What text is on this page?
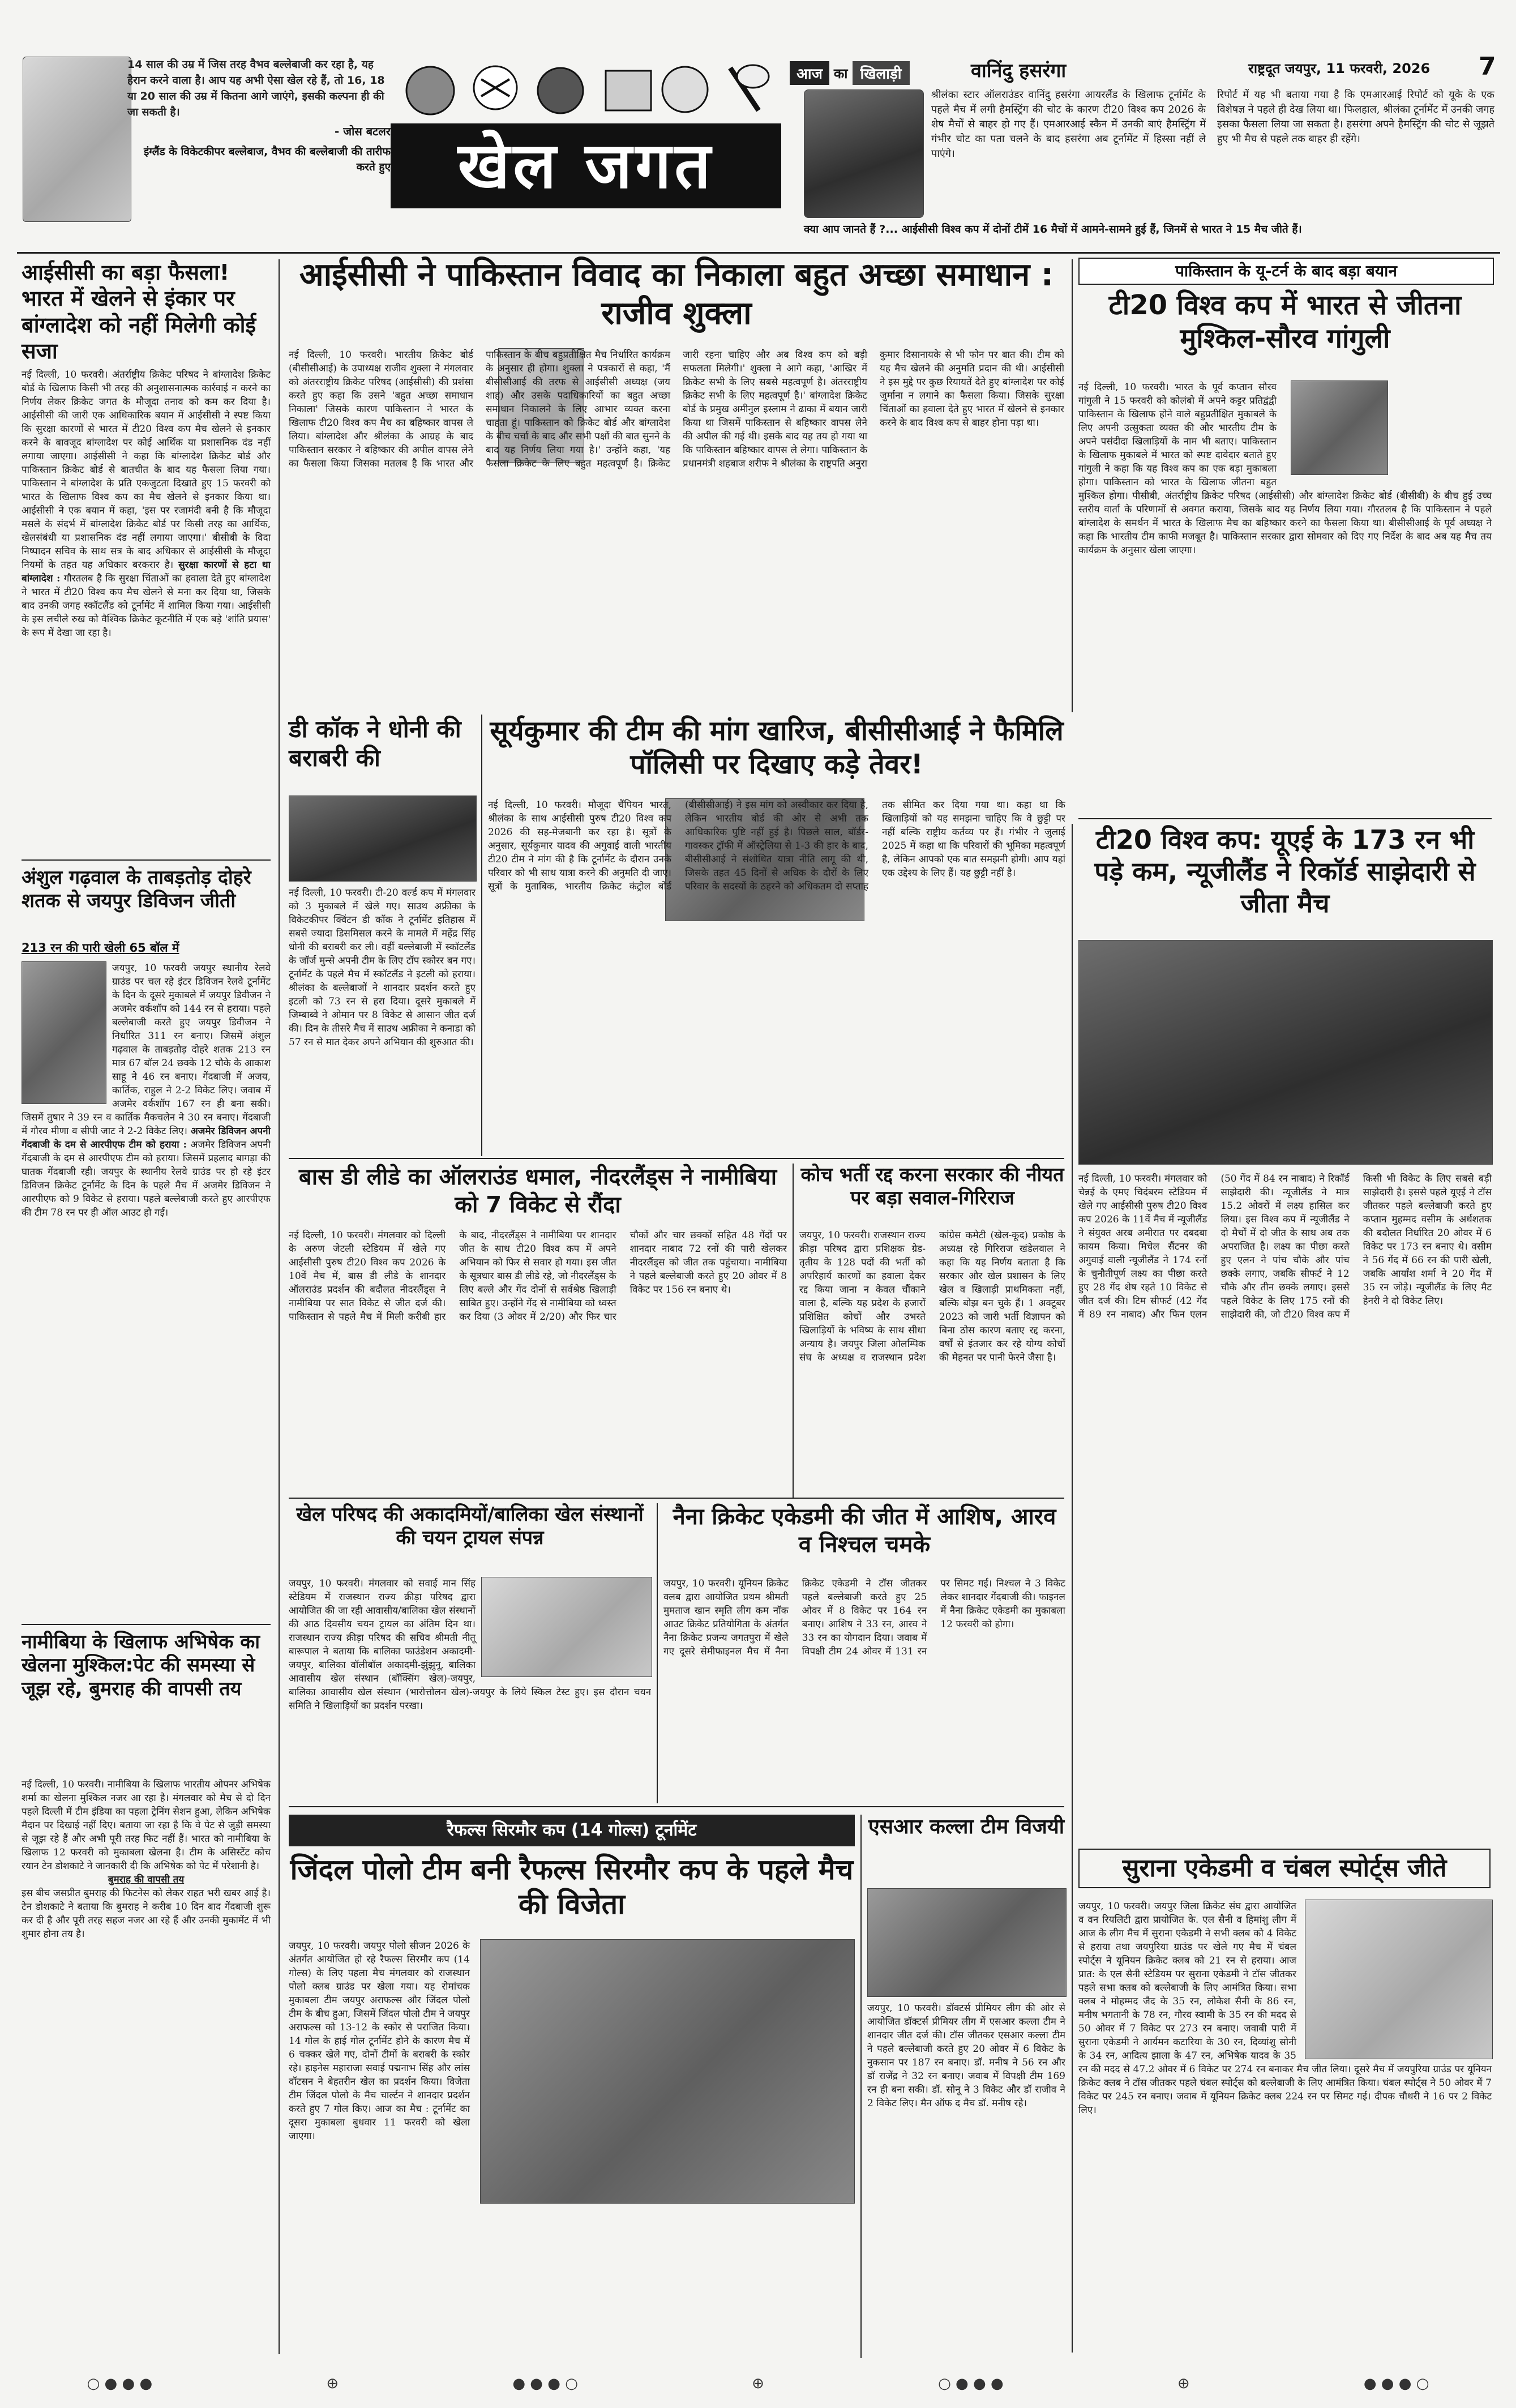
14 साल की उम्र में जिस तरह वैभव बल्लेबाजी कर रहा है, यह हैरान करने वाला है। आप यह अभी ऐसा खेल रहे हैं, तो 16, 18 या 20 साल की उम्र में कितना आगे जाएंगे, इसकी कल्पना ही की जा सकती है।
- जोस बटलर
इंग्लैंड के विकेटकीपर बल्लेबाज, वैभव की बल्लेबाजी की तारीफ करते हुए	खेल जगत
आज का खिलाड़ी	वानिंदु हसरंगा	राष्ट्रदूत जयपुर, 11 फरवरी, 2026 7
श्रीलंका स्टार ऑलराउंडर वानिंदु हसरंगा आयरलैंड के खिलाफ टूर्नामेंट के पहले मैच में लगी हैमस्ट्रिंग की चोट के कारण टी20 विश्व कप 2026 के शेष मैचों से बाहर हो गए हैं। एमआरआई स्कैन में उनकी बाएं हैमस्ट्रिंग में गंभीर चोट का पता चलने के बाद हसरंगा अब टूर्नामेंट में हिस्सा नहीं ले पाएंगे।
रिपोर्ट में यह भी बताया गया है कि एमआरआई रिपोर्ट को यूके के एक विशेषज्ञ ने पहले ही देख लिया था। फिलहाल, श्रीलंका टूर्नामेंट में उनकी जगह इसका फैसला लिया जा सकता है। हसरंगा अपने हैमस्ट्रिंग की चोट से जूझते हुए भी मैच से पहले तक बाहर ही रहेंगे।
क्या आप जानते हैं ?... आईसीसी विश्व कप में दोनों टीमें 16 मैचों में आमने-सामने हुई हैं, जिनमें से भारत ने 15 मैच जीते हैं।
आईसीसी का बड़ा फैसला! भारत में खेलने से इंकार पर बांग्लादेश को नहीं मिलेगी कोई सजा
नई दिल्ली, 10 फरवरी। अंतर्राष्ट्रीय क्रिकेट परिषद ने बांग्लादेश क्रिकेट बोर्ड के खिलाफ किसी भी तरह की अनुशासनात्मक कार्रवाई न करने का निर्णय लेकर क्रिकेट जगत के मौजूदा तनाव को कम कर दिया है। आईसीसी की जारी एक आधिकारिक बयान में आईसीसी ने स्पष्ट किया कि सुरक्षा कारणों से भारत में टी20 विश्व कप मैच खेलने से इनकार करने के बावजूद बांग्लादेश पर कोई आर्थिक या प्रशासनिक दंड नहीं लगाया जाएगा। आईसीसी ने कहा कि बांग्लादेश क्रिकेट बोर्ड और पाकिस्तान क्रिकेट बोर्ड से बातचीत के बाद यह फैसला लिया गया। पाकिस्तान ने बांग्लादेश के प्रति एकजुटता दिखाते हुए 15 फरवरी को भारत के खिलाफ विश्व कप का मैच खेलने से इनकार किया था। आईसीसी ने एक बयान में कहा, 'इस पर रजामंदी बनी है कि मौजूदा मसले के संदर्भ में बांग्लादेश क्रिकेट बोर्ड पर किसी तरह का आर्थिक, खेलसंबंधी या प्रशासनिक दंड नहीं लगाया जाएगा।' बीसीबी के विदा निष्पादन सचिव के साथ सत्र के बाद अधिकार से आईसीसी के मौजूदा नियमों के तहत यह अधिकार बरकरार है। सुरक्षा कारणों से हटा था बांग्लादेश : गौरतलब है कि सुरक्षा चिंताओं का हवाला देते हुए बांग्लादेश ने भारत में टी20 विश्व कप मैच खेलने से मना कर दिया था, जिसके बाद उनकी जगह स्कॉटलैंड को टूर्नामेंट में शामिल किया गया। आईसीसी के इस लचीले रुख को वैश्विक क्रिकेट कूटनीति में एक बड़े 'शांति प्रयास' के रूप में देखा जा रहा है।
अंशुल गढ़वाल के ताबड़तोड़ दोहरे शतक से जयपुर डिविजन जीती
213 रन की पारी खेली 65 बॉल में
जयपुर, 10 फरवरी जयपुर स्थानीय रेलवे ग्राउंड पर चल रहे इंटर डिविजन रेलवे टूर्नामेंट के दिन के दूसरे मुकाबले में जयपुर डिवीजन ने अजमेर वर्कशॉप को 144 रन से हराया। पहले बल्लेबाजी करते हुए जयपुर डिवीजन ने निर्धारित 311 रन बनाए। जिसमें अंशुल गढ़वाल के ताबड़तोड़ दोहरे शतक 213 रन मात्र 67 बॉल 24 छक्के 12 चौके के आकाश साहू ने 46 रन बनाए। गेंदबाजी में अजय, कार्तिक, राहुल ने 2-2 विकेट लिए। जवाब में अजमेर वर्कशॉप 167 रन ही बना सकी। जिसमें तुषार ने 39 रन व कार्तिक मैकचलेन ने 30 रन बनाए। गेंदबाजी में गौरव मीणा व सीपी जाट ने 2-2 विकेट लिए। अजमेर डिविजन अपनी गेंदबाजी के दम से आरपीएफ टीम को हराया : अजमेर डिविजन अपनी गेंदबाजी के दम से आरपीएफ टीम को हराया। जिसमें प्रहलाद बागड़ा की घातक गेंदबाजी रही। जयपुर के स्थानीय रेलवे ग्राउंड पर हो रहे इंटर डिविजन क्रिकेट टूर्नामेंट के दिन के पहले मैच में अजमेर डिविजन ने आरपीएफ को 9 विकेट से हराया। पहले बल्लेबाजी करते हुए आरपीएफ की टीम 78 रन पर ही ऑल आउट हो गई।
नामीबिया के खिलाफ अभिषेक का खेलना मुश्किल:पेट की समस्या से जूझ रहे, बुमराह की वापसी तय
नई दिल्ली, 10 फरवरी। नामीबिया के खिलाफ भारतीय ओपनर अभिषेक शर्मा का खेलना मुश्किल नजर आ रहा है। मंगलवार को मैच से दो दिन पहले दिल्ली में टीम इंडिया का पहला ट्रेनिंग सेशन हुआ, लेकिन अभिषेक मैदान पर दिखाई नहीं दिए। बताया जा रहा है कि वे पेट से जुड़ी समस्या से जूझ रहे हैं और अभी पूरी तरह फिट नहीं हैं। भारत को नामीबिया के खिलाफ 12 फरवरी को मुकाबला खेलना है। टीम के असिस्टेंट कोच रयान टेन डोशकाटे ने जानकारी दी कि अभिषेक को पेट में परेशानी है।
बुमराह की वापसी तय
इस बीच जसप्रीत बुमराह की फिटनेस को लेकर राहत भरी खबर आई है। टेन डोशकाटे ने बताया कि बुमराह ने करीब 10 दिन बाद गेंदबाजी शुरू कर दी है और पूरी तरह सहज नजर आ रहे हैं और उनकी मुकामेंट में भी शुमार होना तय है।
आईसीसी ने पाकिस्तान विवाद का निकाला बहुत अच्छा समाधान : राजीव शुक्ला
नई दिल्ली, 10 फरवरी। भारतीय क्रिकेट बोर्ड (बीसीसीआई) के उपाध्यक्ष राजीव शुक्ला ने मंगलवार को अंतरराष्ट्रीय क्रिकेट परिषद (आईसीसी) की प्रशंसा करते हुए कहा कि उसने 'बहुत अच्छा समाधान निकाला' जिसके कारण पाकिस्तान ने भारत के खिलाफ टी20 विश्व कप मैच का बहिष्कार वापस ले लिया। बांग्लादेश और श्रीलंका के आग्रह के बाद पाकिस्तान सरकार ने बहिष्कार की अपील वापस लेने का फैसला किया जिसका मतलब है कि भारत और पाकिस्तान के बीच बहुप्रतीक्षित मैच निर्धारित कार्यक्रम के अनुसार ही होगा। शुक्ला ने पत्रकारों से कहा, 'मैं बीसीसीआई की तरफ से आईसीसी अध्यक्ष (जय शाह) और उसके पदाधिकारियों का बहुत अच्छा समाधान निकालने के लिए आभार व्यक्त करना चाहता हूं। पाकिस्तान को क्रिकेट बोर्ड और बांग्लादेश के बीच चर्चा के बाद और सभी पक्षों की बात सुनने के बाद यह निर्णय लिया गया है।' उन्होंने कहा, 'यह फैसला क्रिकेट के लिए बहुत महत्वपूर्ण है। क्रिकेट जारी रहना चाहिए और अब विश्व कप को बड़ी सफलता मिलेगी।' शुक्ला ने आगे कहा, 'आखिर में क्रिकेट सभी के लिए सबसे महत्वपूर्ण है। अंतरराष्ट्रीय क्रिकेट सभी के लिए महत्वपूर्ण है।' बांग्लादेश क्रिकेट बोर्ड के प्रमुख अमीनुल इस्लाम ने ढाका में बयान जारी किया था जिसमें पाकिस्तान से बहिष्कार वापस लेने की अपील की गई थी। इसके बाद यह तय हो गया था कि पाकिस्तान बहिष्कार वापस ले लेगा। पाकिस्तान के प्रधानमंत्री शहबाज शरीफ ने श्रीलंका के राष्ट्रपति अनुरा कुमार दिसानायके से भी फोन पर बात की। टीम को यह मैच खेलने की अनुमति प्रदान की थी। आईसीसी ने इस मुद्दे पर कुछ रियायतें देते हुए बांग्लादेश पर कोई जुर्माना न लगाने का फैसला किया। जिसके सुरक्षा चिंताओं का हवाला देते हुए भारत में खेलने से इनकार करने के बाद विश्व कप से बाहर होना पड़ा था।
पाकिस्तान के यू-टर्न के बाद बड़ा बयान
टी20 विश्व कप में भारत से जीतना मुश्किल-सौरव गांगुली
नई दिल्ली, 10 फरवरी। भारत के पूर्व कप्तान सौरव गांगुली ने 15 फरवरी को कोलंबो में अपने कट्टर प्रतिद्वंद्वी पाकिस्तान के खिलाफ होने वाले बहुप्रतीक्षित मुकाबले के लिए अपनी उत्सुकता व्यक्त की और भारतीय टीम के अपने पसंदीदा खिलाड़ियों के नाम भी बताए। पाकिस्तान के खिलाफ मुकाबले में भारत को स्पष्ट दावेदार बताते हुए गांगुली ने कहा कि यह विश्व कप का एक बड़ा मुकाबला होगा। पाकिस्तान को भारत के खिलाफ जीतना बहुत मुश्किल होगा। पीसीबी, अंतर्राष्ट्रीय क्रिकेट परिषद (आईसीसी) और बांग्लादेश क्रिकेट बोर्ड (बीसीबी) के बीच हुई उच्च स्तरीय वार्ता के परिणामों से अवगत कराया, जिसके बाद यह निर्णय लिया गया। गौरतलब है कि पाकिस्तान ने पहले बांग्लादेश के समर्थन में भारत के खिलाफ मैच का बहिष्कार करने का फैसला किया था। बीसीसीआई के पूर्व अध्यक्ष ने कहा कि भारतीय टीम काफी मजबूत है। पाकिस्तान सरकार द्वारा सोमवार को दिए गए निर्देश के बाद अब यह मैच तय कार्यक्रम के अनुसार खेला जाएगा।
डी कॉक ने धोनी की बराबरी की
नई दिल्ली, 10 फरवरी। टी-20 वर्ल्ड कप में मंगलवार को 3 मुकाबले में खेले गए। साउथ अफ्रीका के विकेटकीपर क्विंटन डी कॉक ने टूर्नामेंट इतिहास में सबसे ज्यादा डिसमिसल करने के मामले में महेंद्र सिंह धोनी की बराबरी कर ली। वहीं बल्लेबाजी में स्कॉटलैंड के जॉर्ज मुन्से अपनी टीम के लिए टॉप स्कोरर बन गए। टूर्नामेंट के पहले मैच में स्कॉटलैंड ने इटली को हराया। श्रीलंका के बल्लेबाजों ने शानदार प्रदर्शन करते हुए इटली को 73 रन से हरा दिया। दूसरे मुकाबले में जिम्बाब्वे ने ओमान पर 8 विकेट से आसान जीत दर्ज की। दिन के तीसरे मैच में साउथ अफ्रीका ने कनाडा को 57 रन से मात देकर अपने अभियान की शुरुआत की।
सूर्यकुमार की टीम की मांग खारिज, बीसीसीआई ने फैमिलि पॉलिसी पर दिखाए कड़े तेवर!
नई दिल्ली, 10 फरवरी। मौजूदा चैंपियन भारत, श्रीलंका के साथ आईसीसी पुरुष टी20 विश्व कप 2026 की सह-मेजबानी कर रहा है। सूत्रों के अनुसार, सूर्यकुमार यादव की अगुवाई वाली भारतीय टी20 टीम ने मांग की है कि टूर्नामेंट के दौरान उनके परिवार को भी साथ यात्रा करने की अनुमति दी जाए। सूत्रों के मुताबिक, भारतीय क्रिकेट कंट्रोल बोर्ड (बीसीसीआई) ने इस मांग को अस्वीकार कर दिया है, लेकिन भारतीय बोर्ड की ओर से अभी तक आधिकारिक पुष्टि नहीं हुई है। पिछले साल, बॉर्डर-गावस्कर ट्रॉफी में ऑस्ट्रेलिया से 1-3 की हार के बाद, बीसीसीआई ने संशोधित यात्रा नीति लागू की थी, जिसके तहत 45 दिनों से अधिक के दौरों के लिए परिवार के सदस्यों के ठहरने को अधिकतम दो सप्ताह तक सीमित कर दिया गया था। कहा था कि खिलाड़ियों को यह समझना चाहिए कि वे छुट्टी पर नहीं बल्कि राष्ट्रीय कर्तव्य पर हैं। गंभीर ने जुलाई 2025 में कहा था कि परिवारों की भूमिका महत्वपूर्ण है, लेकिन आपको एक बात समझनी होगी। आप यहां एक उद्देश्य के लिए हैं। यह छुट्टी नहीं है।
टी20 विश्व कप: यूएई के 173 रन भी पड़े कम, न्यूजीलैंड ने रिकॉर्ड साझेदारी से जीता मैच
नई दिल्ली, 10 फरवरी। मंगलवार को चेन्नई के एमए चिदंबरम स्टेडियम में खेले गए आईसीसी पुरुष टी20 विश्व कप 2026 के 11वें मैच में न्यूजीलैंड ने संयुक्त अरब अमीरात पर दबदबा कायम किया। मिचेल सैंटनर की अगुवाई वाली न्यूजीलैंड ने 174 रनों के चुनौतीपूर्ण लक्ष्य का पीछा करते हुए 28 गेंद शेष रहते 10 विकेट से जीत दर्ज की। टिम सीफर्ट (42 गेंद में 89 रन नाबाद) और फिन एलन (50 गेंद में 84 रन नाबाद) ने रिकॉर्ड साझेदारी की। न्यूजीलैंड ने मात्र 15.2 ओवरों में लक्ष्य हासिल कर लिया। इस विश्व कप में न्यूजीलैंड ने दो मैचों में दो जीत के साथ अब तक अपराजित है। लक्ष्य का पीछा करते हुए एलन ने पांच चौके और पांच छक्के लगाए, जबकि सीफर्ट ने 12 चौके और तीन छक्के लगाए। इससे पहले विकेट के लिए 175 रनों की साझेदारी की, जो टी20 विश्व कप में किसी भी विकेट के लिए सबसे बड़ी साझेदारी है। इससे पहले यूएई ने टॉस जीतकर पहले बल्लेबाजी करते हुए कप्तान मुहम्मद वसीम के अर्धशतक की बदौलत निर्धारित 20 ओवर में 6 विकेट पर 173 रन बनाए थे। वसीम ने 56 गेंद में 66 रन की पारी खेली, जबकि आर्यांश शर्मा ने 20 गेंद में 35 रन जोड़े। न्यूजीलैंड के लिए मैट हेनरी ने दो विकेट लिए।
बास डी लीडे का ऑलराउंड धमाल, नीदरलैंड्स ने नामीबिया को 7 विकेट से रौंदा
नई दिल्ली, 10 फरवरी। मंगलवार को दिल्ली के अरुण जेटली स्टेडियम में खेले गए आईसीसी पुरुष टी20 विश्व कप 2026 के 10वें मैच में, बास डी लीडे के शानदार ऑलराउंड प्रदर्शन की बदौलत नीदरलैंड्स ने नामीबिया पर सात विकेट से जीत दर्ज की। पाकिस्तान से पहले मैच में मिली करीबी हार के बाद, नीदरलैंड्स ने नामीबिया पर शानदार जीत के साथ टी20 विश्व कप में अपने अभियान को फिर से सवार हो गया। इस जीत के सूत्रधार बास डी लीडे रहे, जो नीदरलैंड्स के लिए बल्ले और गेंद दोनों से सर्वश्रेष्ठ खिलाड़ी साबित हुए। उन्होंने गेंद से नामीबिया को ध्वस्त कर दिया (3 ओवर में 2/20) और फिर चार चौकों और चार छक्कों सहित 48 गेंदों पर शानदार नाबाद 72 रनों की पारी खेलकर नीदरलैंड्स को जीत तक पहुंचाया। नामीबिया ने पहले बल्लेबाजी करते हुए 20 ओवर में 8 विकेट पर 156 रन बनाए थे।
कोच भर्ती रद्द करना सरकार की नीयत पर बड़ा सवाल-गिरिराज
जयपुर, 10 फरवरी। राजस्थान राज्य क्रीड़ा परिषद द्वारा प्रशिक्षक ग्रेड-तृतीय के 128 पदों की भर्ती को अपरिहार्य कारणों का हवाला देकर रद्द किया जाना न केवल चौंकाने वाला है, बल्कि यह प्रदेश के हजारों प्रशिक्षित कोचों और उभरते खिलाड़ियों के भविष्य के साथ सीधा अन्याय है। जयपुर जिला ओलम्पिक संघ के अध्यक्ष व राजस्थान प्रदेश कांग्रेस कमेटी (खेल-कूद) प्रकोष्ठ के अध्यक्ष रहे गिरिराज खंडेलवाल ने कहा कि यह निर्णय बताता है कि सरकार और खेल प्रशासन के लिए खेल व खिलाड़ी प्राथमिकता नहीं, बल्कि बोझ बन चुके हैं। 1 अक्टूबर 2023 को जारी भर्ती विज्ञापन को बिना ठोस कारण बताए रद्द करना, वर्षों से इंतजार कर रहे योग्य कोचों की मेहनत पर पानी फेरने जैसा है।
खेल परिषद की अकादमियों/बालिका खेल संस्थानों की चयन ट्रायल संपन्न
जयपुर, 10 फरवरी। मंगलवार को सवाई मान सिंह स्टेडियम में राजस्थान राज्य क्रीड़ा परिषद द्वारा आयोजित की जा रही आवासीय/बालिका खेल संस्थानों की आठ दिवसीय चयन ट्रायल का अंतिम दिन था। राजस्थान राज्य क्रीड़ा परिषद की सचिव श्रीमती नीतू बारूपाल ने बताया कि बालिका फाउंडेशन अकादमी-जयपुर, बालिका वॉलीबॉल अकादमी-झुंझुनू, बालिका आवासीय खेल संस्थान (बॉक्सिंग खेल)-जयपुर, बालिका आवासीय खेल संस्थान (भारोत्तोलन खेल)-जयपुर के लिये स्किल टेस्ट हुए। इस दौरान चयन समिति ने खिलाड़ियों का प्रदर्शन परखा।
नैना क्रिकेट एकेडमी की जीत में आशिष, आरव व निश्चल चमके
जयपुर, 10 फरवरी। यूनियन क्रिकेट क्लब द्वारा आयोजित प्रथम श्रीमती मुमताज खान स्मृति लीग कम नॉक आउट क्रिकेट प्रतियोगिता के अंतर्गत नैना क्रिकेट प्रजन्य जगतपुरा में खेले गए दूसरे सेमीफाइनल मैच में नैना क्रिकेट एकेडमी ने टॉस जीतकर पहले बल्लेबाजी करते हुए 25 ओवर में 8 विकेट पर 164 रन बनाए। आशिष ने 33 रन, आरव ने 33 रन का योगदान दिया। जवाब में विपक्षी टीम 24 ओवर में 131 रन पर सिमट गई। निश्चल ने 3 विकेट लेकर शानदार गेंदबाजी की। फाइनल में नैना क्रिकेट एकेडमी का मुकाबला 12 फरवरी को होगा।
रैफल्स सिरमौर कप (14 गोल्स) टूर्नामेंट
जिंदल पोलो टीम बनी रैफल्स सिरमौर कप के पहले मैच की विजेता
जयपुर, 10 फरवरी। जयपुर पोलो सीजन 2026 के अंतर्गत आयोजित हो रहे रैफल्स सिरमौर कप (14 गोल्स) के लिए पहला मैच मंगलवार को राजस्थान पोलो क्लब ग्राउंड पर खेला गया। यह रोमांचक मुकाबला टीम जयपुर अराफल्स और जिंदल पोलो टीम के बीच हुआ, जिसमें जिंदल पोलो टीम ने जयपुर अराफल्स को 13-12 के स्कोर से पराजित किया। 14 गोल के हाई गोल टूर्नामेंट होने के कारण मैच में 6 चक्कर खेले गए, दोनों टीमों के बराबरी के स्कोर रहे। हाइनेस महाराजा सवाई पद्मनाभ सिंह और लांस वॉटसन ने बेहतरीन खेल का प्रदर्शन किया। विजेता टीम जिंदल पोलो के मैच चार्ल्टन ने शानदार प्रदर्शन करते हुए 7 गोल किए। आज का मैच : टूर्नामेंट का दूसरा मुकाबला बुधवार 11 फरवरी को खेला जाएगा।
एसआर कल्ला टीम विजयी
जयपुर, 10 फरवरी। डॉक्टर्स प्रीमियर लीग की ओर से आयोजित डॉक्टर्स प्रीमियर लीग में एसआर कल्ला टीम ने शानदार जीत दर्ज की। टॉस जीतकर एसआर कल्ला टीम ने पहले बल्लेबाजी करते हुए 20 ओवर में 6 विकेट के नुकसान पर 187 रन बनाए। डॉ. मनीष ने 56 रन और डॉ राजेंद्र ने 32 रन बनाए। जवाब में विपक्षी टीम 169 रन ही बना सकी। डॉ. सोनू ने 3 विकेट और डॉ राजीव ने 2 विकेट लिए। मैन ऑफ द मैच डॉ. मनीष रहे।
सुराना एकेडमी व चंबल स्पोर्ट्स जीते
जयपुर, 10 फरवरी। जयपुर जिला क्रिकेट संघ द्वारा आयोजित व वन रियलिटी द्वारा प्रायोजित के. एल सैनी व हिमांशु लीग में आज के लीग मैच में सुराना एकेडमी ने सभी क्लब को 4 विकेट से हराया तथा जयपुरिया ग्राउंड पर खेले गए मैच में चंबल स्पोर्ट्स ने यूनियन क्रिकेट क्लब को 21 रन से हराया। आज प्रात: के एल सैनी स्टेडियम पर सुराना एकेडमी ने टॉस जीतकर पहले सभा क्लब को बल्लेबाजी के लिए आमंत्रित किया। सभा क्लब ने मोहम्मद जैद के 35 रन, लोकेश सैनी के 86 रन, मनीष भगतानी के 78 रन, गौरव स्वामी के 35 रन की मदद से 50 ओवर में 7 विकेट पर 273 रन बनाए। जवाबी पारी में सुराना एकेडमी ने आर्यमन कटारिया के 30 रन, दिव्यांशु सोनी के 34 रन, आदित्य झाला के 47 रन, अभिषेक यादव के 35 रन की मदद से 47.2 ओवर में 6 विकेट पर 274 रन बनाकर मैच जीत लिया। दूसरे मैच में जयपुरिया ग्राउंड पर यूनियन क्रिकेट क्लब ने टॉस जीतकर पहले चंबल स्पोर्ट्स को बल्लेबाजी के लिए आमंत्रित किया। चंबल स्पोर्ट्स ने 50 ओवर में 7 विकेट पर 245 रन बनाए। जवाब में यूनियन क्रिकेट क्लब 224 रन पर सिमट गई। दीपक चौधरी ने 16 पर 2 विकेट लिए।
○ ● ● ●	⊕	● ● ● ○	⊕	○ ● ● ●	⊕	● ● ● ○
